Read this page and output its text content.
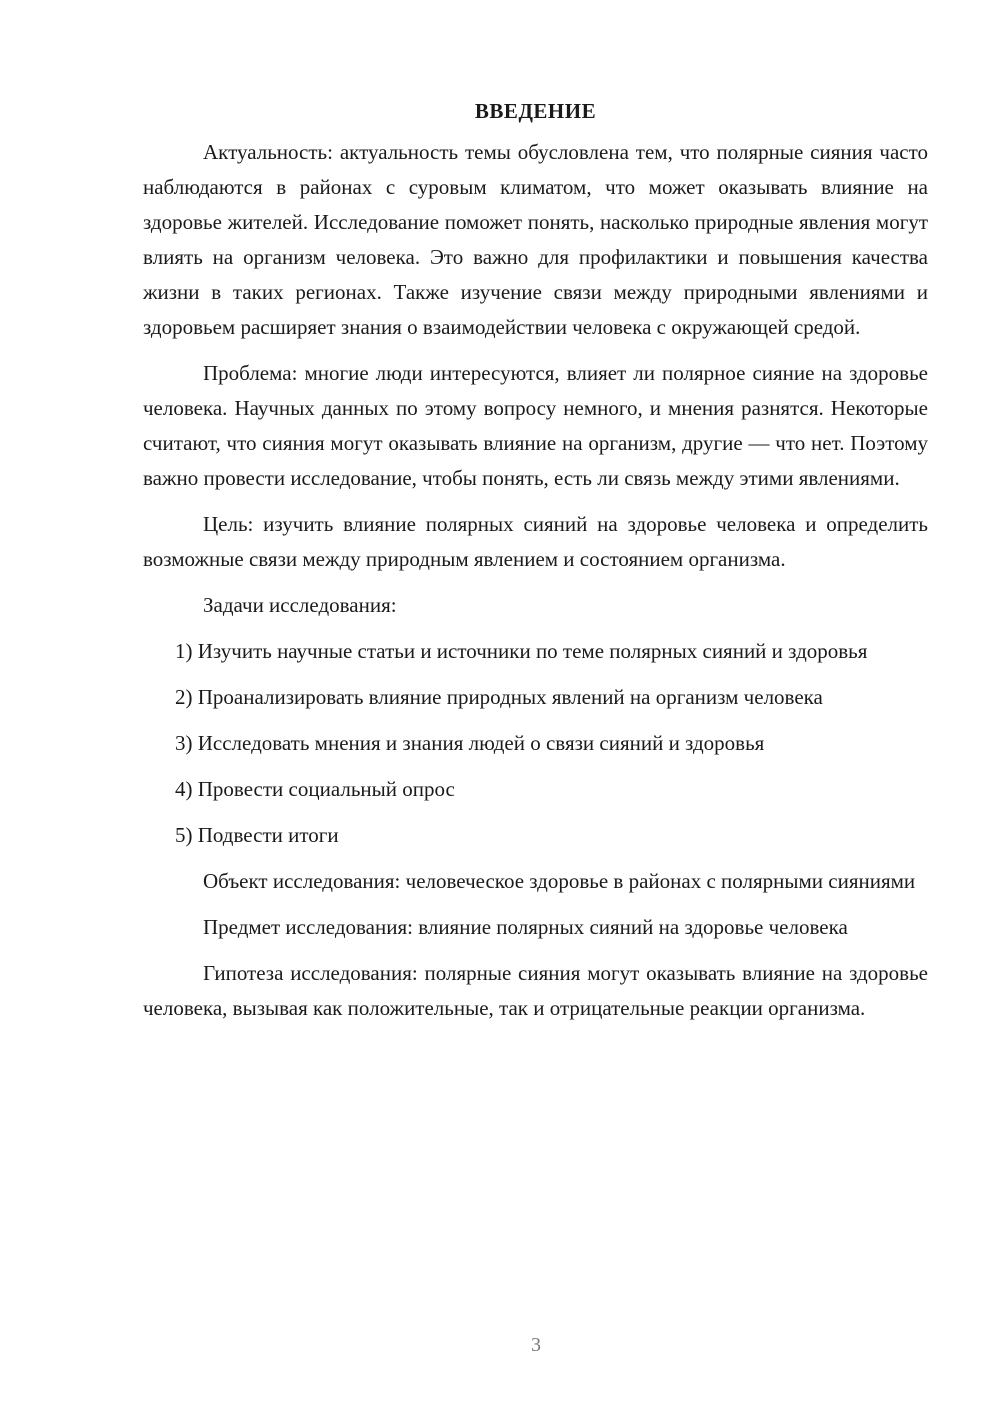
ВВЕДЕНИЕ

Актуальность: актуальность темы обусловлена тем, что полярные сияния часто наблюдаются в районах с суровым климатом, что может оказывать влияние на здоровье жителей. Исследование поможет понять, насколько природные явления могут влиять на организм человека. Это важно для профилактики и повышения качества жизни в таких регионах. Также изучение связи между природными явлениями и здоровьем расширяет знания о взаимодействии человека с окружающей средой.

Проблема: многие люди интересуются, влияет ли полярное сияние на здоровье человека. Научных данных по этому вопросу немного, и мнения разнятся. Некоторые считают, что сияния могут оказывать влияние на организм, другие — что нет. Поэтому важно провести исследование, чтобы понять, есть ли связь между этими явлениями.

Цель: изучить влияние полярных сияний на здоровье человека и определить возможные связи между природным явлением и состоянием организма.

Задачи исследования:

1) Изучить научные статьи и источники по теме полярных сияний и здоровья

2) Проанализировать влияние природных явлений на организм человека

3) Исследовать мнения и знания людей о связи сияний и здоровья

4) Провести социальный опрос

5) Подвести итоги

Объект исследования: человеческое здоровье в районах с полярными сияниями

Предмет исследования: влияние полярных сияний на здоровье человека

Гипотеза исследования: полярные сияния могут оказывать влияние на здоровье человека, вызывая как положительные, так и отрицательные реакции организма.

3
